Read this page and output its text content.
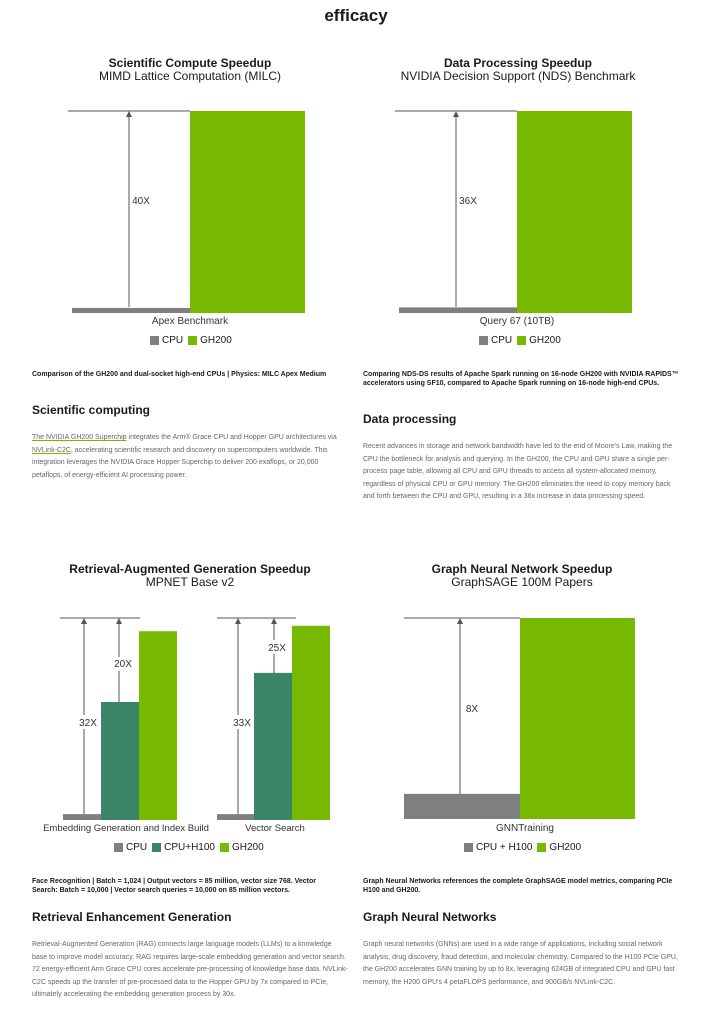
efficacy
Scientific Compute Speedup
MIMD Lattice Computation (MILC)
40X
Apex Benchmark
CPU GH200
Comparison of the GH200 and dual-socket high-end CPUs | Physics: MILC Apex Medium
Scientific computing
The NVIDIA GH200 Superchip integrates the Arm® Grace CPU and Hopper GPU architectures via NVLink-C2C, accelerating scientific research and discovery on supercomputers worldwide. This integration leverages the NVIDIA Grace Hopper Superchip to deliver 200 exaflops, or 20,000 petaflops, of energy-efficient AI processing power.
Data Processing Speedup
NVIDIA Decision Support (NDS) Benchmark
36X
Query 67 (10TB)
CPU GH200
Comparing NDS-DS results of Apache Spark running on 16-node GH200 with NVIDIA RAPIDS™ accelerators using SF10, compared to Apache Spark running on 16-node high-end CPUs.
Data processing
Recent advances in storage and network bandwidth have led to the end of Moore's Law, making the CPU the bottleneck for analysis and querying. In the GH200, the CPU and GPU share a single per-process page table, allowing all CPU and GPU threads to access all system-allocated memory, regardless of physical CPU or GPU memory. The GH200 eliminates the need to copy memory back and forth between the CPU and GPU, resulting in a 36x increase in data processing speed.
Retrieval-Augmented Generation Speedup
MPNET Base v2
20X
32X
25X
33X
Embedding Generation and Index Build	Vector Search
CPU CPU+H100 GH200
Face Recognition | Batch = 1,024 | Output vectors = 85 million, vector size 768. Vector Search: Batch = 10,000 | Vector search queries = 10,000 on 85 million vectors.
Retrieval Enhancement Generation
Retrieval-Augmented Generation (RAG) connects large language models (LLMs) to a knowledge base to improve model accuracy. RAG requires large-scale embedding generation and vector search. 72 energy-efficient Arm Grace CPU cores accelerate pre-processing of knowledge base data. NVLink-C2C speeds up the transfer of pre-processed data to the Hopper GPU by 7x compared to PCIe, ultimately accelerating the embedding generation process by 30x.
Graph Neural Network Speedup
GraphSAGE 100M Papers
8X
GNNTraining
CPU + H100 GH200
Graph Neural Networks references the complete GraphSAGE model metrics, comparing PCIe H100 and GH200.
Graph Neural Networks
Graph neural networks (GNNs) are used in a wide range of applications, including social network analysis, drug discovery, fraud detection, and molecular chemistry. Compared to the H100 PCIe GPU, the GH200 accelerates GNN training by up to 8x, leveraging 624GB of integrated CPU and GPU fast memory, the H200 GPU's 4 petaFLOPS performance, and 900GB/s NVLink-C2C.
